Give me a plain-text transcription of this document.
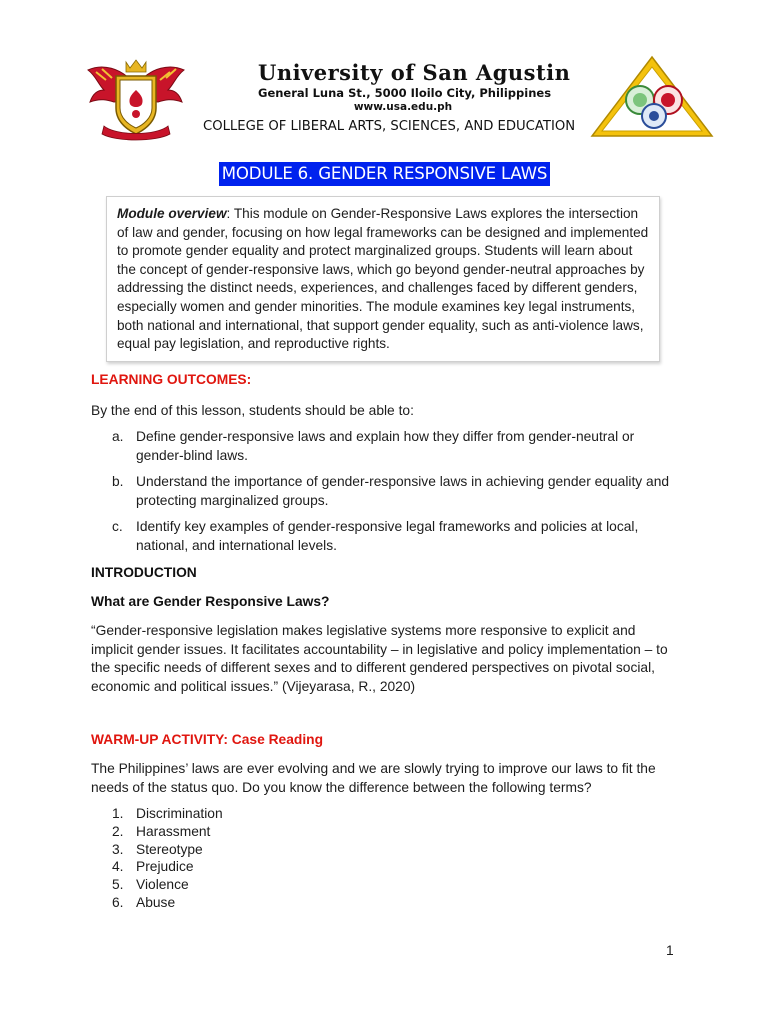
University of San Agustin
General Luna St., 5000 Iloilo City, Philippines
www.usa.edu.ph
COLLEGE OF LIBERAL ARTS, SCIENCES, AND EDUCATION
MODULE 6. GENDER RESPONSIVE LAWS
Module overview: This module on Gender-Responsive Laws explores the intersection of law and gender, focusing on how legal frameworks can be designed and implemented to promote gender equality and protect marginalized groups. Students will learn about the concept of gender-responsive laws, which go beyond gender-neutral approaches by addressing the distinct needs, experiences, and challenges faced by different genders, especially women and gender minorities. The module examines key legal instruments, both national and international, that support gender equality, such as anti-violence laws, equal pay legislation, and reproductive rights.
LEARNING OUTCOMES:
By the end of this lesson, students should be able to:
a. Define gender-responsive laws and explain how they differ from gender-neutral or gender-blind laws.
b. Understand the importance of gender-responsive laws in achieving gender equality and protecting marginalized groups.
c. Identify key examples of gender-responsive legal frameworks and policies at local, national, and international levels.
INTRODUCTION
What are Gender Responsive Laws?
“Gender-responsive legislation makes legislative systems more responsive to explicit and implicit gender issues. It facilitates accountability – in legislative and policy implementation – to the specific needs of different sexes and to different gendered perspectives on pivotal social, economic and political issues.” (Vijeyarasa, R., 2020)
WARM-UP ACTIVITY: Case Reading
The Philippines’ laws are ever evolving and we are slowly trying to improve our laws to fit the needs of the status quo. Do you know the difference between the following terms?
1. Discrimination
2. Harassment
3. Stereotype
4. Prejudice
5. Violence
6. Abuse
1
